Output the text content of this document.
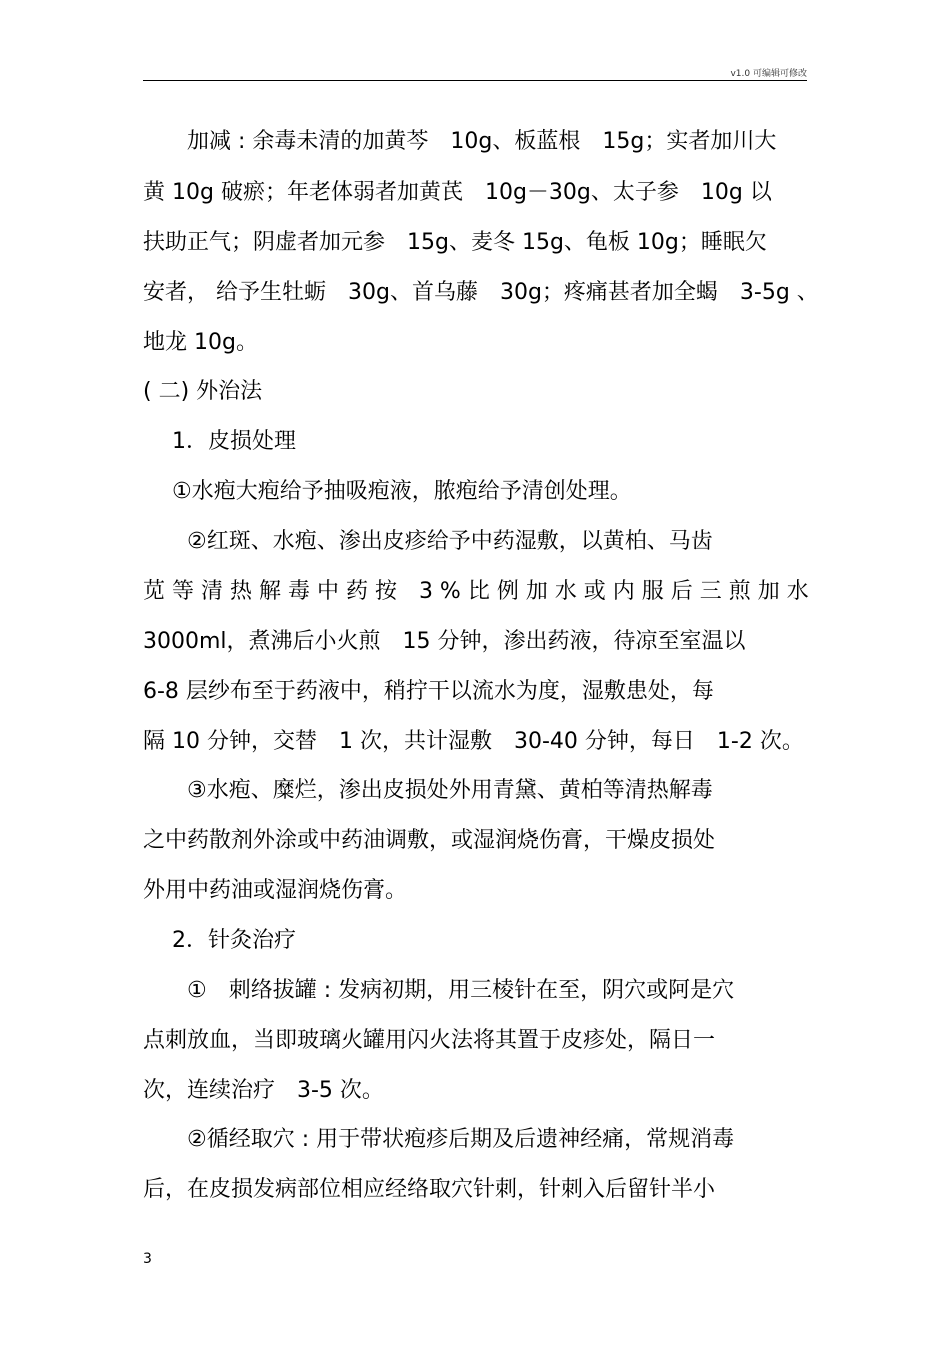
v1.0 可编辑可修改
　　加减 : 余毒未清的加黄芩　10g、板蓝根　15g；实者加川大
黄 10g 破瘀；年老体弱者加黄芪　10g－30g、太子参　10g 以
扶助正气；阴虚者加元参　15g、麦冬 15g、龟板 10g；睡眠欠
安者， 给予生牡蛎　30g、首乌藤　30g；疼痛甚者加全蝎　3-5g 、
地龙 10g。
( 二) 外治法
　 1．皮损处理
　 ①水疱大疱给予抽吸疱液，脓疱给予清创处理。
　　②红斑、水疱、渗出皮疹给予中药湿敷，以黄柏、马齿
苋 等 清 热 解 毒 中 药 按　3 % 比 例 加 水 或 内 服 后 三 煎 加 水
3000ml，煮沸后小火煎　15 分钟，渗出药液，待凉至室温以
6-8 层纱布至于药液中，稍拧干以流水为度，湿敷患处，每
隔 10 分钟，交替　1 次，共计湿敷　30-40 分钟，每日　1-2 次。
　　③水疱、糜烂，渗出皮损处外用青黛、黄柏等清热解毒
之中药散剂外涂或中药油调敷，或湿润烧伤膏，干燥皮损处
外用中药油或湿润烧伤膏。
　 2．针灸治疗
　　①　刺络拔罐 : 发病初期，用三棱针在至，阴穴或阿是穴
点刺放血，当即玻璃火罐用闪火法将其置于皮疹处，隔日一
次，连续治疗　3-5 次。
　　②循经取穴 : 用于带状疱疹后期及后遗神经痛，常规消毒
后，在皮损发病部位相应经络取穴针刺，针刺入后留针半小
3
